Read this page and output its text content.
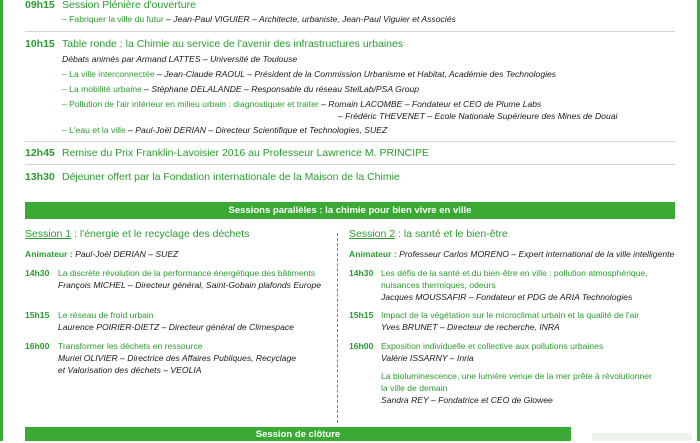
09h15 Session Plénière d'ouverture
– Fabriquer la ville du futur – Jean-Paul VIGUIER – Architecte, urbaniste, Jean-Paul Viguier et Associés
10h15 Table ronde : la Chimie au service de l'avenir des infrastructures urbaines
Débats animés par Armand LATTES – Université de Toulouse
– La ville interconnectée – Jean-Claude RAOUL – Président de la Commission Urbanisme et Habitat, Académie des Technologies
– La mobilité urbaine – Stéphane DELALANDE – Responsable du réseau StelLab/PSA Group
– Pollution de l'air intérieur en milieu urbain : diagnostiquer et traiter – Romain LACOMBE – Fondateur et CEO de Plume Labs
– Frédéric THEVENET – Ecole Nationale Supérieure des Mines de Douai
– L'eau et la ville – Paul-Joël DERIAN – Directeur Scientifique et Technologies, SUEZ
12h45 Remise du Prix Franklin-Lavoisier 2016 au Professeur Lawrence M. PRINCIPE
13h30 Déjeuner offert par la Fondation internationale de la Maison de la Chimie
Sessions parallèles : la chimie pour bien vivre en ville
Session 1 : l'énergie et le recyclage des déchets
Animateur : Paul-Joël DERIAN – SUEZ
14h30 La discrète révolution de la performance énergétique des bâtiments
François MICHEL – Directeur général, Saint-Gobain plafonds Europe
15h15 Le réseau de froid urbain
Laurence POIRIER-DIETZ – Directeur général de Climespace
16h00 Transformer les déchets en ressource
Muriel OLIVIER – Directrice des Affaires Publiques, Recyclage
et Valorisation des déchets – VEOLIA
Session 2 : la santé et le bien-être
Animateur : Professeur Carlos MORENO – Expert international de la ville intelligente
14h30 Les défis de la santé et du bien-être en ville : pollution atmosphérique,
nuisances thermiques, odeurs
Jacques MOUSSAFIR – Fondateur et PDG de ARIA Technologies
15h15 Impact de la végétation sur le microclimat urbain et la qualité de l'air
Yves BRUNET – Directeur de recherche, INRA
16h00 Exposition individuelle et collective aux pollutions urbaines
Valérie ISSARNY – Inria
La bioluminescence, une lumière venue de la mer prête à révolutionner
la ville de demain
Sandra REY – Fondatrice et CEO de Glowee
Session de clôture
